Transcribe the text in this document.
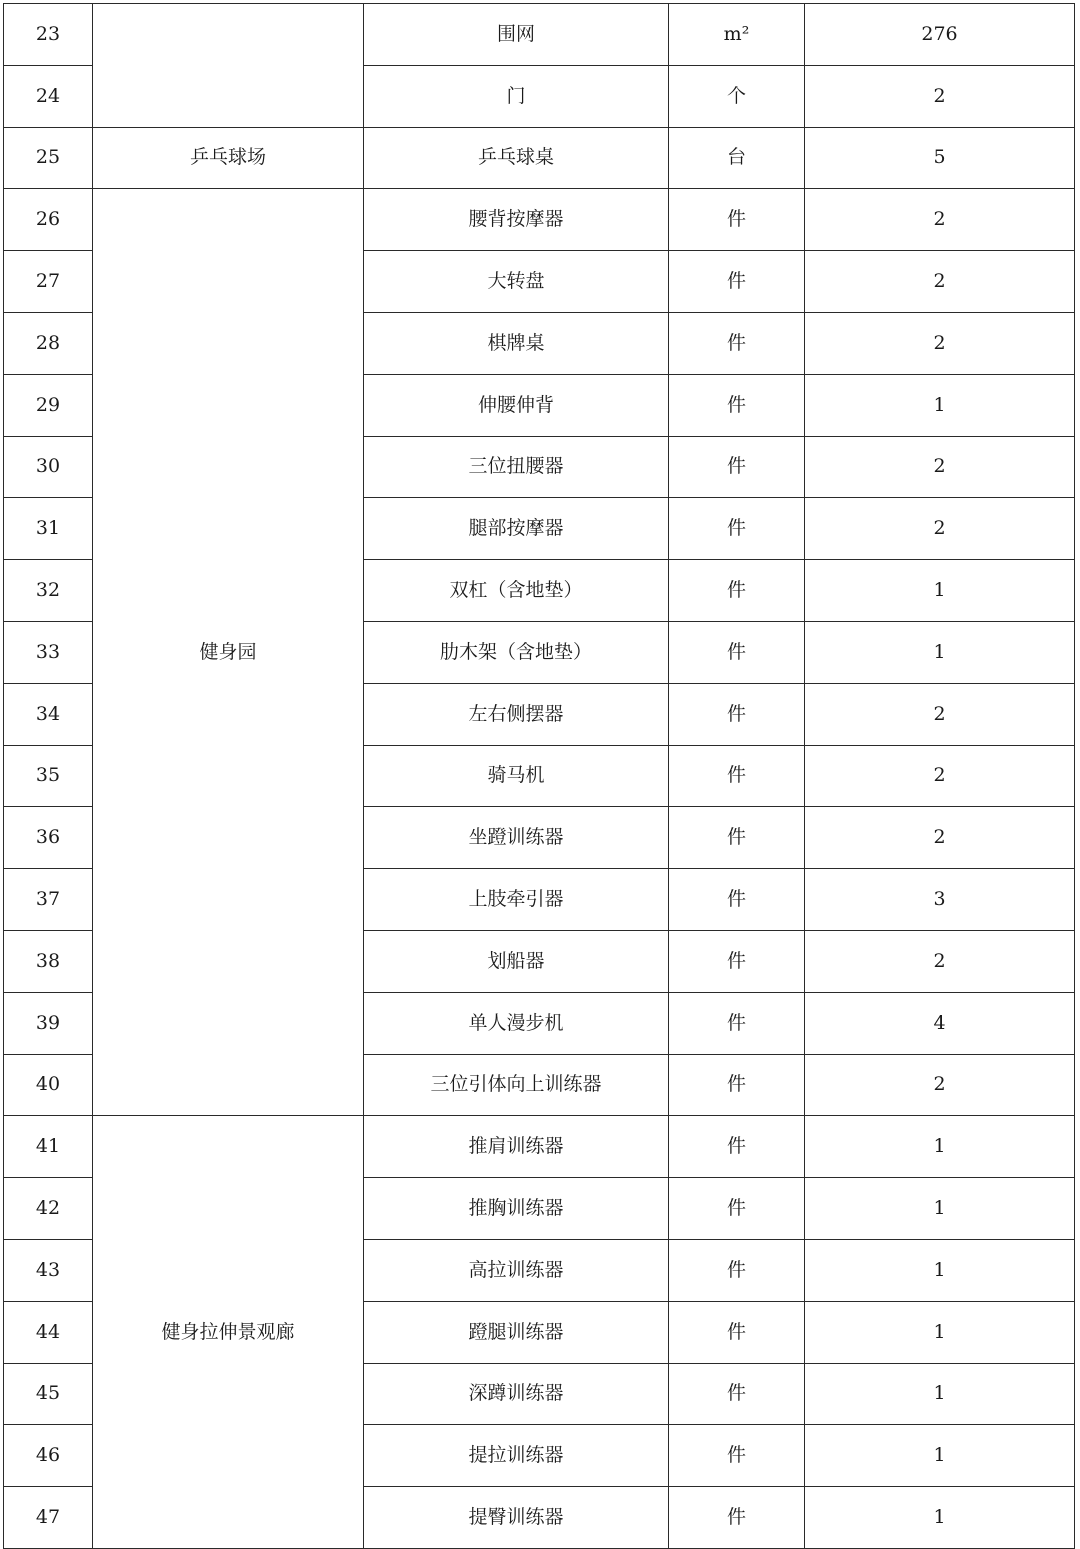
23		围网	m²	276
24		门	个	2
25	乒乓球场	乒乓球桌	台	5
26	健身园	腰背按摩器	件	2
27		大转盘	件	2
28		棋牌桌	件	2
29		伸腰伸背	件	1
30		三位扭腰器	件	2
31		腿部按摩器	件	2
32		双杠（含地垫）	件	1
33		肋木架（含地垫）	件	1
34		左右侧摆器	件	2
35		骑马机	件	2
36		坐蹬训练器	件	2
37		上肢牵引器	件	3
38		划船器	件	2
39		单人漫步机	件	4
40		三位引体向上训练器	件	2
41	健身拉伸景观廊	推肩训练器	件	1
42		推胸训练器	件	1
43		高拉训练器	件	1
44		蹬腿训练器	件	1
45		深蹲训练器	件	1
46		提拉训练器	件	1
47		提臀训练器	件	1
